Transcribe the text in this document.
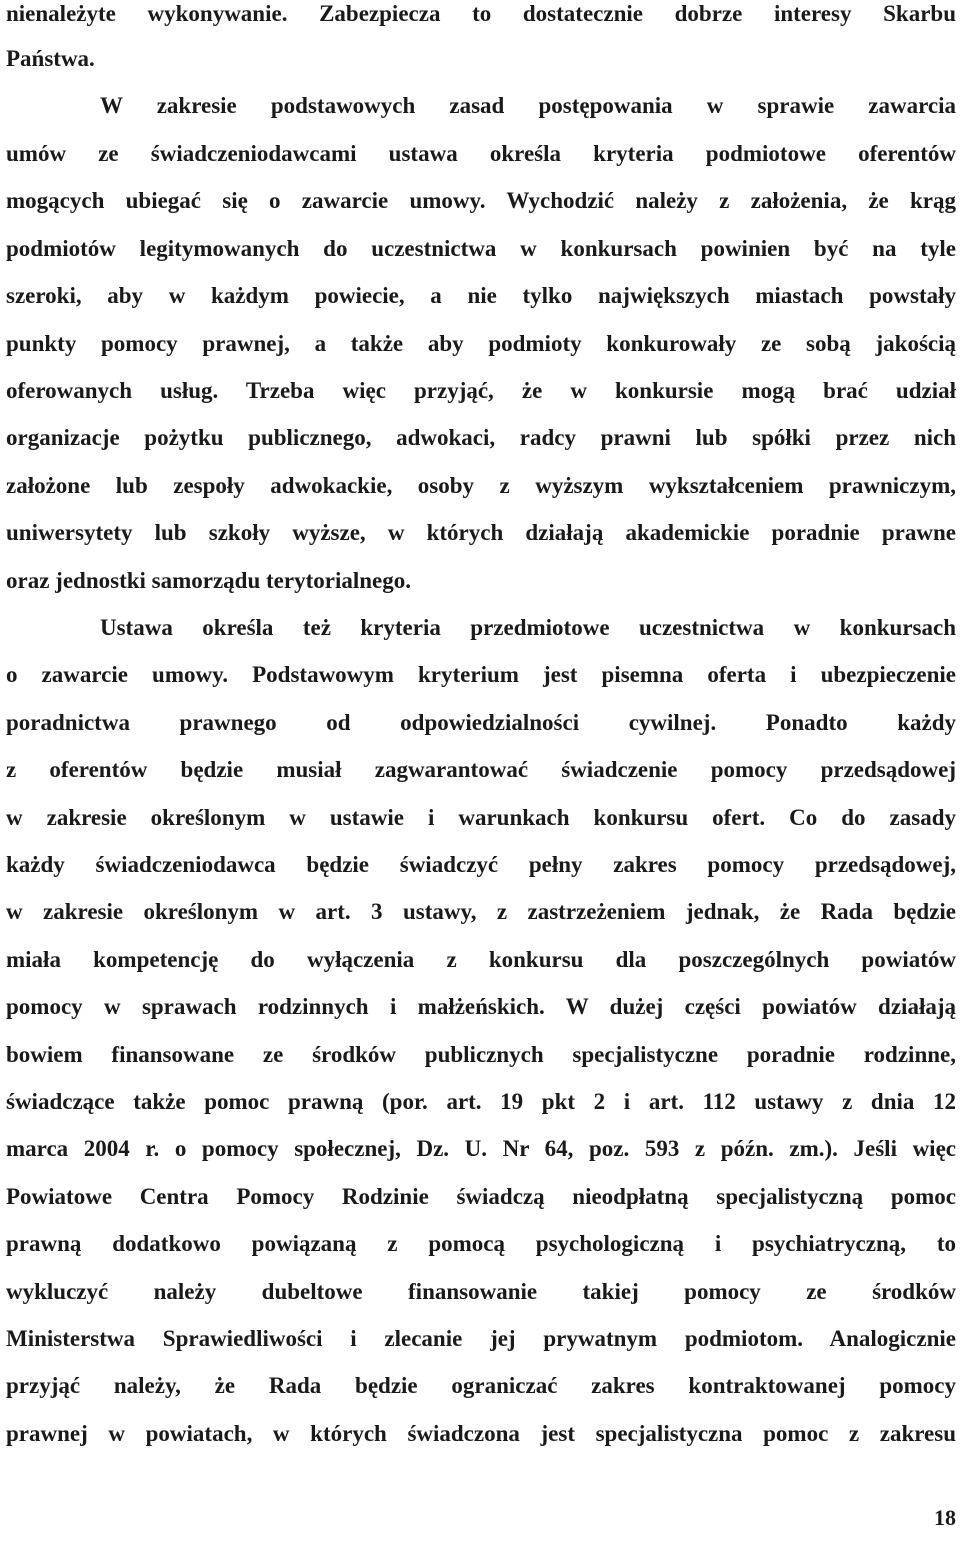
nienależyte wykonywanie. Zabezpiecza to dostatecznie dobrze interesy Skarbu
Państwa.
W zakresie podstawowych zasad postępowania w sprawie zawarcia
umów ze świadczeniodawcami ustawa określa kryteria podmiotowe oferentów
mogących ubiegać się o zawarcie umowy. Wychodzić należy z założenia, że krąg
podmiotów legitymowanych do uczestnictwa w konkursach powinien być na tyle
szeroki, aby w każdym powiecie, a nie tylko największych miastach powstały
punkty pomocy prawnej, a także aby podmioty konkurowały ze sobą jakością
oferowanych usług. Trzeba więc przyjąć, że w konkursie mogą brać udział
organizacje pożytku publicznego, adwokaci, radcy prawni lub spółki przez nich
założone lub zespoły adwokackie, osoby z wyższym wykształceniem prawniczym,
uniwersytety lub szkoły wyższe, w których działają akademickie poradnie prawne
oraz jednostki samorządu terytorialnego.
Ustawa określa też kryteria przedmiotowe uczestnictwa w konkursach
o zawarcie umowy. Podstawowym kryterium jest pisemna oferta i ubezpieczenie
poradnictwa prawnego od odpowiedzialności cywilnej. Ponadto każdy
z oferentów będzie musiał zagwarantować świadczenie pomocy przedsądowej
w zakresie określonym w ustawie i warunkach konkursu ofert. Co do zasady
każdy świadczeniodawca będzie świadczyć pełny zakres pomocy przedsądowej,
w zakresie określonym w art. 3 ustawy, z zastrzeżeniem jednak, że Rada będzie
miała kompetencję do wyłączenia z konkursu dla poszczególnych powiatów
pomocy w sprawach rodzinnych i małżeńskich. W dużej części powiatów działają
bowiem finansowane ze środków publicznych specjalistyczne poradnie rodzinne,
świadczące także pomoc prawną (por. art. 19 pkt 2 i art. 112 ustawy z dnia 12
marca 2004 r. o pomocy społecznej, Dz. U. Nr 64, poz. 593 z późn. zm.). Jeśli więc
Powiatowe Centra Pomocy Rodzinie świadczą nieodpłatną specjalistyczną pomoc
prawną dodatkowo powiązaną z pomocą psychologiczną i psychiatryczną, to
wykluczyć należy dubeltowe finansowanie takiej pomocy ze środków
Ministerstwa Sprawiedliwości i zlecanie jej prywatnym podmiotom. Analogicznie
przyjąć należy, że Rada będzie ograniczać zakres kontraktowanej pomocy
prawnej w powiatach, w których świadczona jest specjalistyczna pomoc z zakresu
18
